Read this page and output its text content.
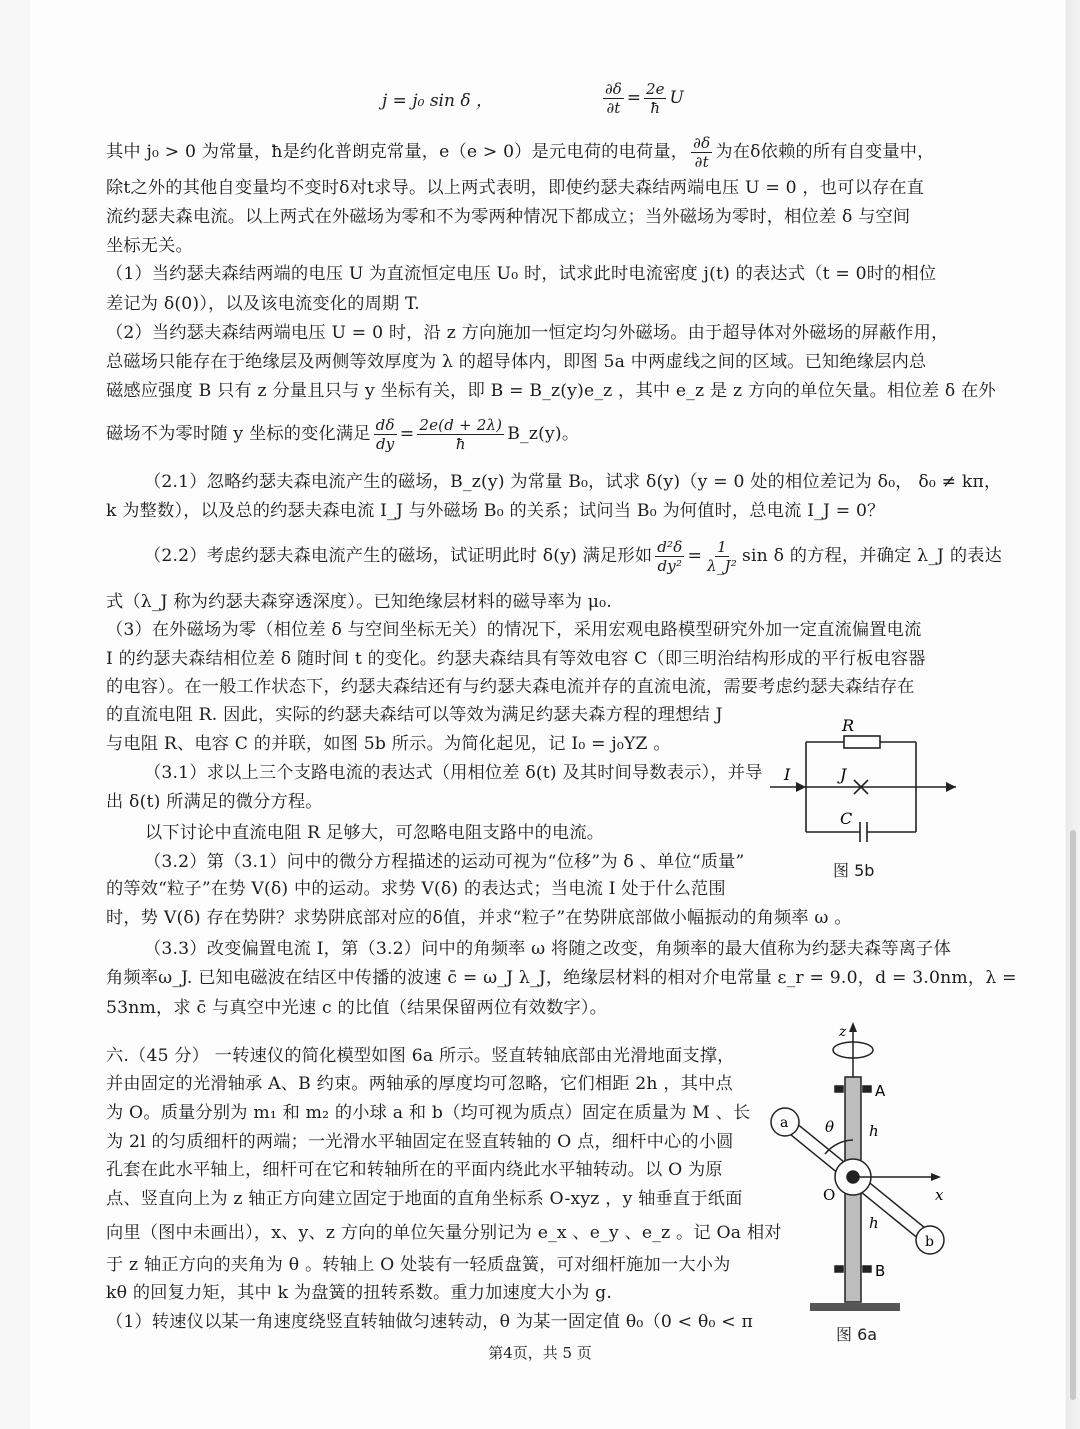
j = j₀ sin δ ，	$\frac{\partial\delta}{\partial t} = \frac{2e}{ħ}$ U
其中 j₀ > 0 为常量，ħ是约化普朗克常量，e（e > 0）是元电荷的电荷量， $\frac{\partial\delta}{\partial t}$ 为在δ依赖的所有自变量中，
除t之外的其他自变量均不变时δ对t求导。以上两式表明，即使约瑟夫森结两端电压 U = 0 ，也可以存在直
流约瑟夫森电流。以上两式在外磁场为零和不为零两种情况下都成立；当外磁场为零时，相位差 δ 与空间
坐标无关。
（1）当约瑟夫森结两端的电压 U 为直流恒定电压 U₀ 时，试求此时电流密度 j(t) 的表达式（t = 0时的相位
差记为 δ(0)），以及该电流变化的周期 T.
（2）当约瑟夫森结两端电压 U = 0 时，沿 z 方向施加一恒定均匀外磁场。由于超导体对外磁场的屏蔽作用，
总磁场只能存在于绝缘层及两侧等效厚度为 λ 的超导体内，即图 5a 中两虚线之间的区域。已知绝缘层内总
磁感应强度 B 只有 z 分量且只与 y 坐标有关，即 B = B_z(y)e_z ，其中 e_z 是 z 方向的单位矢量。相位差 δ 在外
磁场不为零时随 y 坐标的变化满足 $\frac{d\delta}{dy} = \frac{2e(d + 2\lambda)}{ħ}$ B_z(y)。
（2.1）忽略约瑟夫森电流产生的磁场，B_z(y) 为常量 B₀，试求 δ(y)（y = 0 处的相位差记为 δ₀， δ₀ ≠ kπ，
k 为整数），以及总的约瑟夫森电流 I_J 与外磁场 B₀ 的关系；试问当 B₀ 为何值时，总电流 I_J = 0？
（2.2）考虑约瑟夫森电流产生的磁场，试证明此时 δ(y) 满足形如 $\frac{\text{d²δ}}{\text{dy²}} = \frac{1}{\text{λ\_J²}}$ sin δ 的方程，并确定 λ_J 的表达
式（λ_J 称为约瑟夫森穿透深度）。已知绝缘层材料的磁导率为 μ₀.
（3）在外磁场为零（相位差 δ 与空间坐标无关）的情况下，采用宏观电路模型研究外加一定直流偏置电流
I 的约瑟夫森结相位差 δ 随时间 t 的变化。约瑟夫森结具有等效电容 C（即三明治结构形成的平行板电容器
的电容）。在一般工作状态下，约瑟夫森结还有与约瑟夫森电流并存的直流电流，需要考虑约瑟夫森结存在
的直流电阻 R. 因此，实际的约瑟夫森结可以等效为满足约瑟夫森方程的理想结 J
与电阻 R、电容 C 的并联，如图 5b 所示。为简化起见，记 I₀ = j₀YZ 。
（3.1）求以上三个支路电流的表达式（用相位差 δ(t) 及其时间导数表示），并导
出 δ(t) 所满足的微分方程。
以下讨论中直流电阻 R 足够大，可忽略电阻支路中的电流。
（3.2）第（3.1）问中的微分方程描述的运动可视为“位移”为 δ 、单位“质量”
的等效“粒子”在势 V(δ) 中的运动。求势 V(δ) 的表达式；当电流 I 处于什么范围
时，势 V(δ) 存在势阱？求势阱底部对应的δ值，并求“粒子”在势阱底部做小幅振动的角频率 ω 。
（3.3）改变偏置电流 I，第（3.2）问中的角频率 ω 将随之改变，角频率的最大值称为约瑟夫森等离子体
角频率ω_J. 已知电磁波在结区中传播的波速 c̄ = ω_J λ_J，绝缘层材料的相对介电常量 ε_r = 9.0，d = 3.0nm，λ =
53nm，求 c̄ 与真空中光速 c 的比值（结果保留两位有效数字）。
六.（45 分） 一转速仪的简化模型如图 6a 所示。竖直转轴底部由光滑地面支撑，
并由固定的光滑轴承 A、B 约束。两轴承的厚度均可忽略，它们相距 2h ，其中点
为 O。质量分别为 m₁ 和 m₂ 的小球 a 和 b（均可视为质点）固定在质量为 M 、长
为 2l 的匀质细杆的两端；一光滑水平轴固定在竖直转轴的 O 点，细杆中心的小圆
孔套在此水平轴上，细杆可在它和转轴所在的平面内绕此水平轴转动。以 O 为原
点、竖直向上为 z 轴正方向建立固定于地面的直角坐标系 O-xyz ，y 轴垂直于纸面
向里（图中未画出），x、y、z 方向的单位矢量分别记为 e_x 、e_y 、e_z 。记 Oa 相对
于 z 轴正方向的夹角为 θ 。转轴上 O 处装有一轻质盘簧，可对细杆施加一大小为
kθ 的回复力矩，其中 k 为盘簧的扭转系数。重力加速度大小为 g.
（1）转速仪以某一角速度绕竖直转轴做匀速转动，θ 为某一固定值 θ₀（0 < θ₀ < π
第4页，共 5 页
R
I	J
C
图 5b
z
A
B
a
b
θ h
h
O	x
图 6a
